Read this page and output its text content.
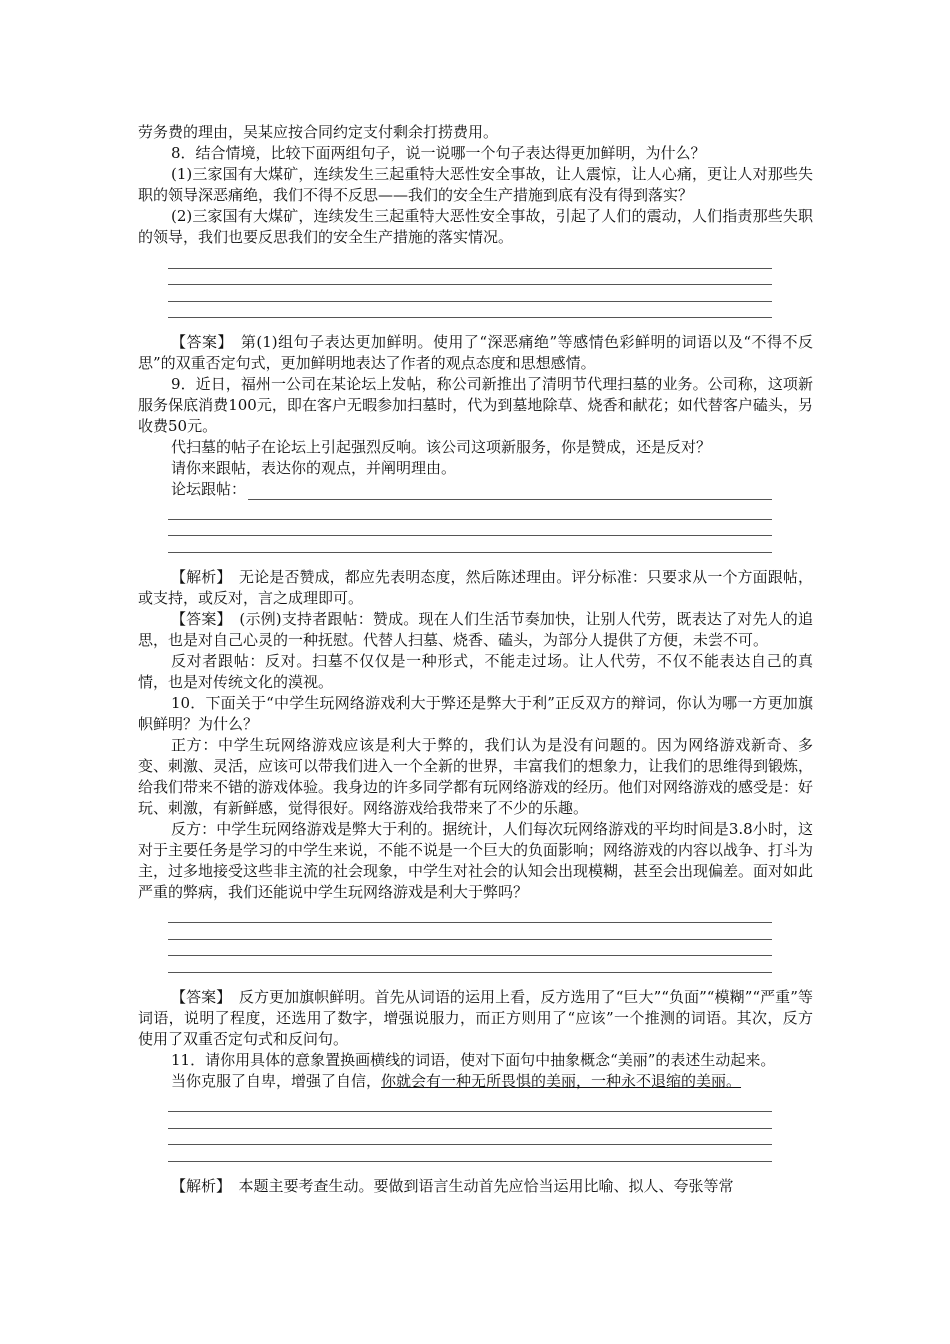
劳务费的理由，吴某应按合同约定支付剩余打捞费用。

8．结合情境，比较下面两组句子，说一说哪一个句子表达得更加鲜明，为什么？

(1)三家国有大煤矿，连续发生三起重特大恶性安全事故，让人震惊，让人心痛，更让人对那些失职的领导深恶痛绝，我们不得不反思——我们的安全生产措施到底有没有得到落实？

(2)三家国有大煤矿，连续发生三起重特大恶性安全事故，引起了人们的震动，人们指责那些失职的领导，我们也要反思我们的安全生产措施的落实情况。

【答案】　第(1)组句子表达更加鲜明。使用了“深恶痛绝”等感情色彩鲜明的词语以及“不得不反思”的双重否定句式，更加鲜明地表达了作者的观点态度和思想感情。

9．近日，福州一公司在某论坛上发帖，称公司新推出了清明节代理扫墓的业务。公司称，这项新服务保底消费100元，即在客户无暇参加扫墓时，代为到墓地除草、烧香和献花；如代替客户磕头，另收费50元。

代扫墓的帖子在论坛上引起强烈反响。该公司这项新服务，你是赞成，还是反对？

请你来跟帖，表达你的观点，并阐明理由。

论坛跟帖：

【解析】　无论是否赞成，都应先表明态度，然后陈述理由。评分标准：只要求从一个方面跟帖，或支持，或反对，言之成理即可。

【答案】　(示例)支持者跟帖：赞成。现在人们生活节奏加快，让别人代劳，既表达了对先人的追思，也是对自己心灵的一种抚慰。代替人扫墓、烧香、磕头，为部分人提供了方便，未尝不可。

反对者跟帖：反对。扫墓不仅仅是一种形式，不能走过场。让人代劳，不仅不能表达自己的真情，也是对传统文化的漠视。

10．下面关于“中学生玩网络游戏利大于弊还是弊大于利”正反双方的辩词，你认为哪一方更加旗帜鲜明？为什么？

正方：中学生玩网络游戏应该是利大于弊的，我们认为是没有问题的。因为网络游戏新奇、多变、刺激、灵活，应该可以带我们进入一个全新的世界，丰富我们的想象力，让我们的思维得到锻炼，给我们带来不错的游戏体验。我身边的许多同学都有玩网络游戏的经历。他们对网络游戏的感受是：好玩、刺激，有新鲜感，觉得很好。网络游戏给我带来了不少的乐趣。

反方：中学生玩网络游戏是弊大于利的。据统计，人们每次玩网络游戏的平均时间是3.8小时，这对于主要任务是学习的中学生来说，不能不说是一个巨大的负面影响；网络游戏的内容以战争、打斗为主，过多地接受这些非主流的社会现象，中学生对社会的认知会出现模糊，甚至会出现偏差。面对如此严重的弊病，我们还能说中学生玩网络游戏是利大于弊吗？

【答案】　反方更加旗帜鲜明。首先从词语的运用上看，反方选用了“巨大”“负面”“模糊”“严重”等词语，说明了程度，还选用了数字，增强说服力，而正方则用了“应该”一个推测的词语。其次，反方使用了双重否定句式和反问句。

11．请你用具体的意象置换画横线的词语，使对下面句中抽象概念“美丽”的表述生动起来。

当你克服了自卑，增强了自信，你就会有一种无所畏惧的美丽，一种永不退缩的美丽。

【解析】　本题主要考查生动。要做到语言生动首先应恰当运用比喻、拟人、夸张等常
